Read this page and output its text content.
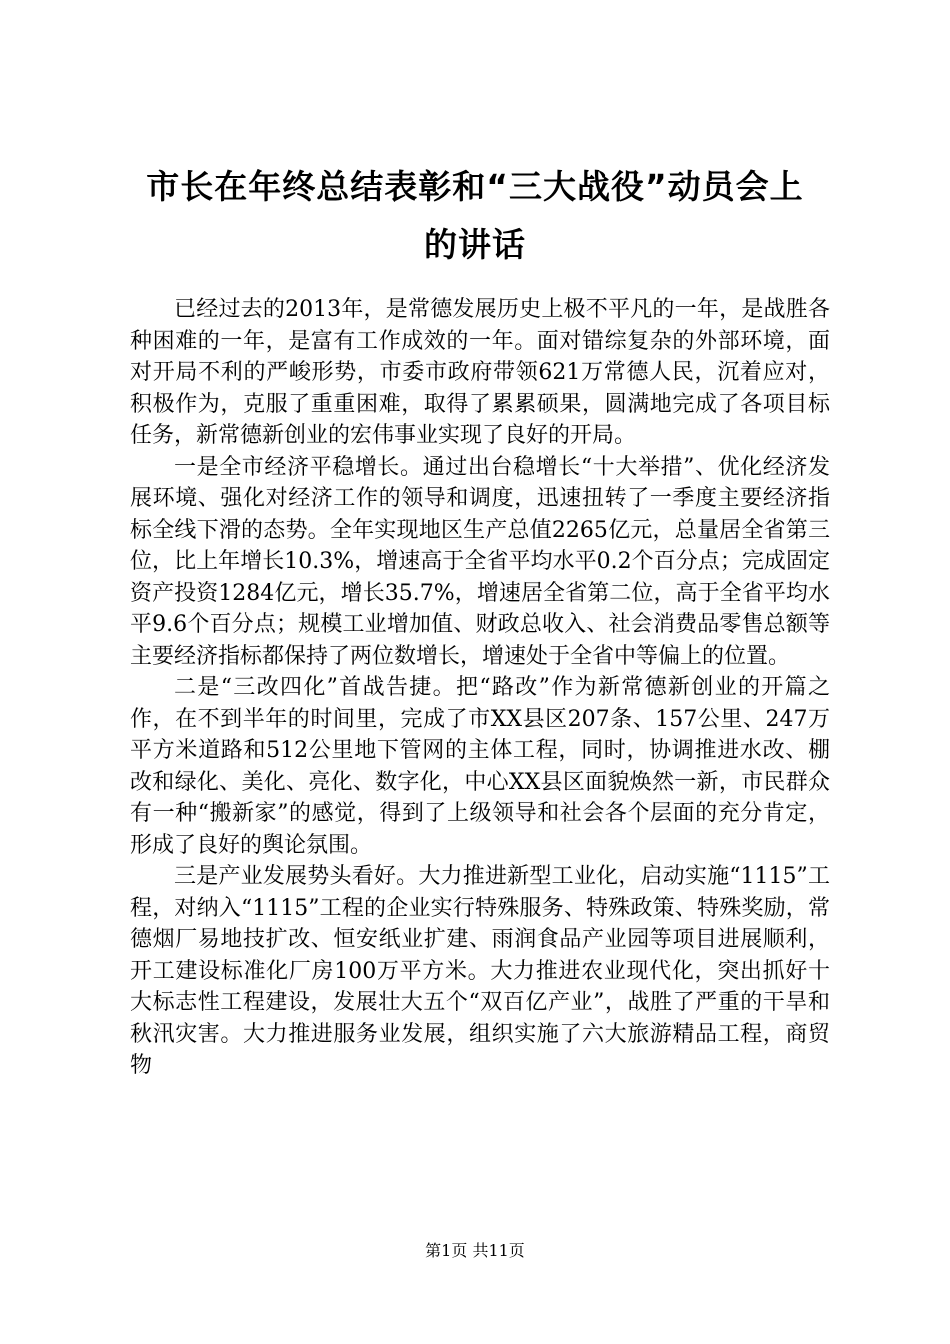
市长在年终总结表彰和“三大战役”动员会上
的讲话

已经过去的2013年，是常德发展历史上极不平凡的一年，是战胜各种困难的一年，是富有工作成效的一年。面对错综复杂的外部环境，面对开局不利的严峻形势，市委市政府带领621万常德人民，沉着应对，积极作为，克服了重重困难，取得了累累硕果，圆满地完成了各项目标任务，新常德新创业的宏伟事业实现了良好的开局。

一是全市经济平稳增长。通过出台稳增长“十大举措”、优化经济发展环境、强化对经济工作的领导和调度，迅速扭转了一季度主要经济指标全线下滑的态势。全年实现地区生产总值2265亿元，总量居全省第三位，比上年增长10.3%，增速高于全省平均水平0.2个百分点；完成固定资产投资1284亿元，增长35.7%，增速居全省第二位，高于全省平均水平9.6个百分点；规模工业增加值、财政总收入、社会消费品零售总额等主要经济指标都保持了两位数增长，增速处于全省中等偏上的位置。

二是“三改四化”首战告捷。把“路改”作为新常德新创业的开篇之作，在不到半年的时间里，完成了市XX县区207条、157公里、247万平方米道路和512公里地下管网的主体工程，同时，协调推进水改、棚改和绿化、美化、亮化、数字化，中心XX县区面貌焕然一新，市民群众有一种“搬新家”的感觉，得到了上级领导和社会各个层面的充分肯定，形成了良好的舆论氛围。

三是产业发展势头看好。大力推进新型工业化，启动实施“1115”工程，对纳入“1115”工程的企业实行特殊服务、特殊政策、特殊奖励，常德烟厂易地技扩改、恒安纸业扩建、雨润食品产业园等项目进展顺利，开工建设标准化厂房100万平方米。大力推进农业现代化，突出抓好十大标志性工程建设，发展壮大五个“双百亿产业”，战胜了严重的干旱和秋汛灾害。大力推进服务业发展，组织实施了六大旅游精品工程，商贸物

第1页 共11页
